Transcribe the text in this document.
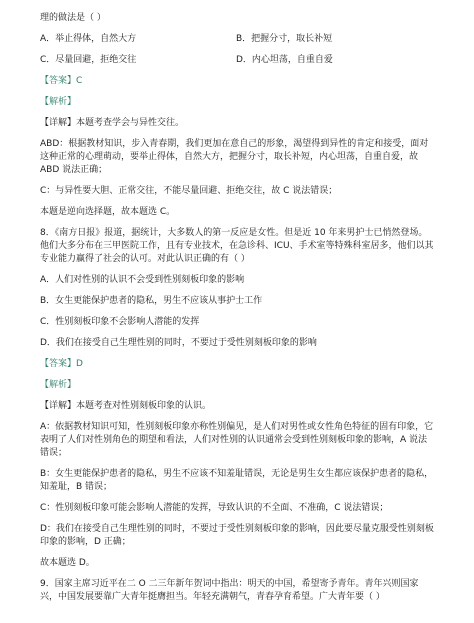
理的做法是（ ）
A．举止得体，自然大方	B．把握分寸，取长补短
C．尽量回避，拒绝交往	D．内心坦荡，自重自爱
【答案】C
【解析】
【详解】本题考查学会与异性交往。
ABD：根据教材知识，步入青春期，我们更加在意自己的形象，渴望得到异性的肯定和接受，面对这种正常的心理萌动，要举止得体，自然大方，把握分寸，取长补短，内心坦荡，自重自爱，故 ABD 说法正确；
C：与异性要大胆、正常交往，不能尽量回避、拒绝交往，故 C 说法错误；
本题是逆向选择题，故本题选 C。
8．《南方日报》报道，据统计，大多数人的第一反应是女性。但是近 10 年来男护士已悄然登场。他们大多分布在三甲医院工作，且有专业技术，在急诊科、ICU、手术室等特殊科室居多，他们以其专业能力赢得了社会的认可。对此认识正确的有（ ）
A．人们对性别的认识不会受到性别刻板印象的影响
B．女生更能保护患者的隐私，男生不应该从事护士工作
C．性别刻板印象不会影响人潜能的发挥
D．我们在接受自己生理性别的同时，不要过于受性别刻板印象的影响
【答案】D
【解析】
【详解】本题考查对性别刻板印象的认识。
A：依据教材知识可知，性别刻板印象亦称性别偏见，是人们对男性或女性角色特征的固有印象，它表明了人们对性别角色的期望和看法，人们对性别的认识通常会受到性别刻板印象的影响，A 说法错误；
B：女生更能保护患者的隐私，男生不应该不知羞耻错误，无论是男生女生都应该保护患者的隐私，知羞耻，B 错误；
C：性别刻板印象可能会影响人潜能的发挥，导致认识的不全面、不准确，C 说法错误；
D：我们在接受自己生理性别的同时，不要过于受性别刻板印象的影响，因此要尽量克服受性别刻板印象的影响，D 正确；
故本题选 D。
9．国家主席习近平在二 O 二三年新年贺词中指出：明天的中国，希望寄予青年。青年兴则国家兴，中国发展要靠广大青年挺膺担当。年轻充满朝气，青春孕育希望。广大青年要（ ）
